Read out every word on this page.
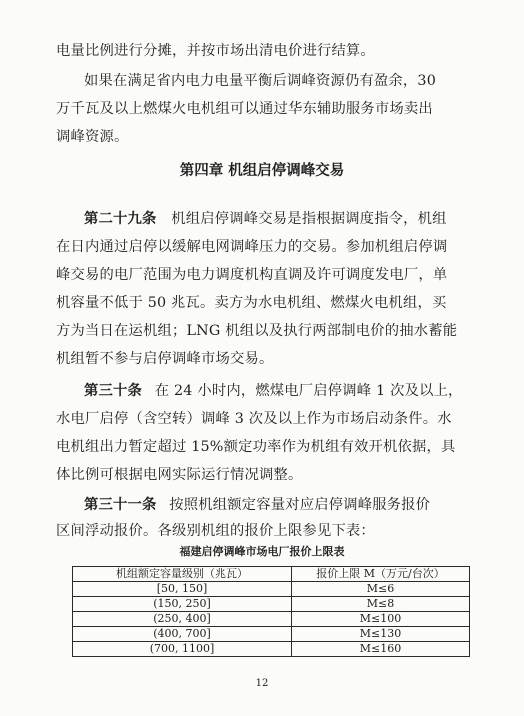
电量比例进行分摊，并按市场出清电价进行结算。
如果在满足省内电力电量平衡后调峰资源仍有盈余，30
万千瓦及以上燃煤火电机组可以通过华东辅助服务市场卖出
调峰资源。
第四章 机组启停调峰交易
第二十九条 机组启停调峰交易是指根据调度指令，机组
在日内通过启停以缓解电网调峰压力的交易。参加机组启停调
峰交易的电厂范围为电力调度机构直调及许可调度发电厂，单
机容量不低于 50 兆瓦。卖方为水电机组、燃煤火电机组，买
方为当日在运机组；LNG 机组以及执行两部制电价的抽水蓄能
机组暂不参与启停调峰市场交易。
第三十条 在 24 小时内，燃煤电厂启停调峰 1 次及以上，
水电厂启停（含空转）调峰 3 次及以上作为市场启动条件。水
电机组出力暂定超过 15%额定功率作为机组有效开机依据，具
体比例可根据电网实际运行情况调整。
第三十一条 按照机组额定容量对应启停调峰服务报价
区间浮动报价。各级别机组的报价上限参见下表：
福建启停调峰市场电厂报价上限表
机组额定容量级别（兆瓦）	报价上限 M（万元/台次）
[50, 150]	M≤6
(150, 250]	M≤8
(250, 400]	M≤100
(400, 700]	M≤130
(700, 1100]	M≤160
12
